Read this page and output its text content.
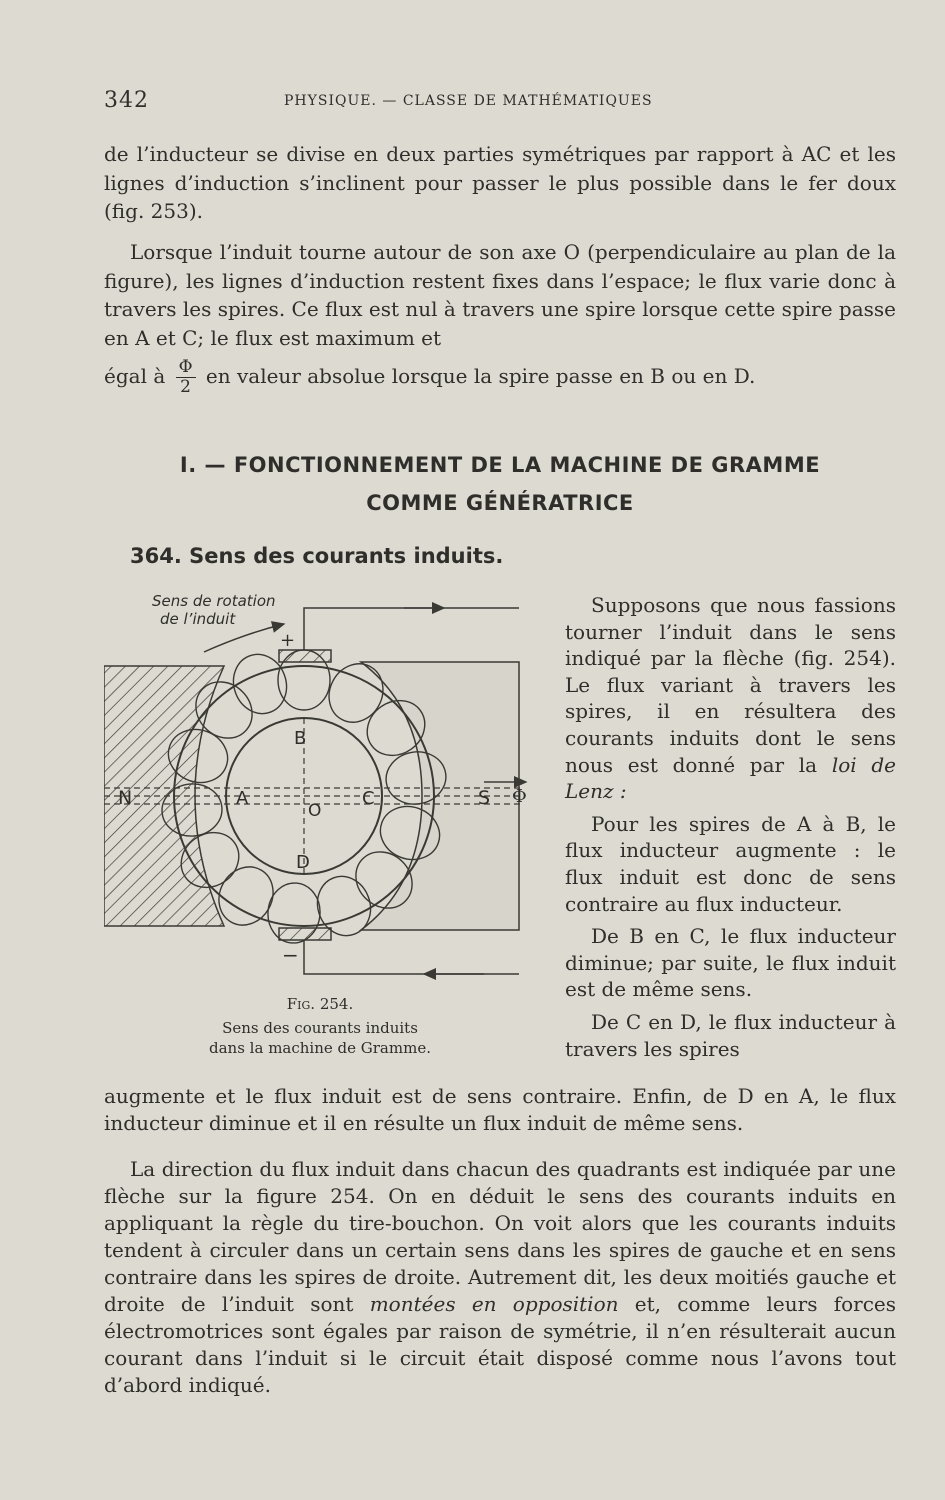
342	PHYSIQUE. — CLASSE DE MATHÉMATIQUES

de l’inducteur se divise en deux parties symétriques par rapport à AC et les lignes d’induction s’inclinent pour passer le plus possible dans le fer doux (fig. 253).

Lorsque l’induit tourne autour de son axe O (perpendiculaire au plan de la figure), les lignes d’induction restent fixes dans l’espace; le flux varie donc à travers les spires. Ce flux est nul à travers une spire lorsque cette spire passe en A et C; le flux est maximum et

égal à $\frac{\Phi}{2}$ en valeur absolue lorsque la spire passe en B ou en D.

I. — FONCTIONNEMENT DE LA MACHINE DE GRAMME
COMME GÉNÉRATRICE
364. Sens des courants induits.
Sens de rotation
de l’induit
+
−
N	S Φ
A
B
C
D
O
Fig. 254.
Sens des courants induits
dans la machine de Gramme.

Supposons que nous fassions tourner l’induit dans le sens indiqué par la flèche (fig. 254). Le flux variant à travers les spires, il en résultera des courants induits dont le sens nous est donné par la loi de Lenz :

Pour les spires de A à B, le flux inducteur augmente : le flux induit est donc de sens contraire au flux inducteur.

De B en C, le flux inducteur diminue; par suite, le flux induit est de même sens.

De C en D, le flux inducteur à travers les spires

augmente et le flux induit est de sens contraire. Enfin, de D en A, le flux inducteur diminue et il en résulte un flux induit de même sens.

La direction du flux induit dans chacun des quadrants est indiquée par une flèche sur la figure 254. On en déduit le sens des courants induits en appliquant la règle du tire-bouchon. On voit alors que les courants induits tendent à circuler dans un certain sens dans les spires de gauche et en sens contraire dans les spires de droite. Autrement dit, les deux moitiés gauche et droite de l’induit sont montées en opposition et, comme leurs forces électromotrices sont égales par raison de symétrie, il n’en résulterait aucun courant dans l’induit si le circuit était disposé comme nous l’avons tout d’abord indiqué.
